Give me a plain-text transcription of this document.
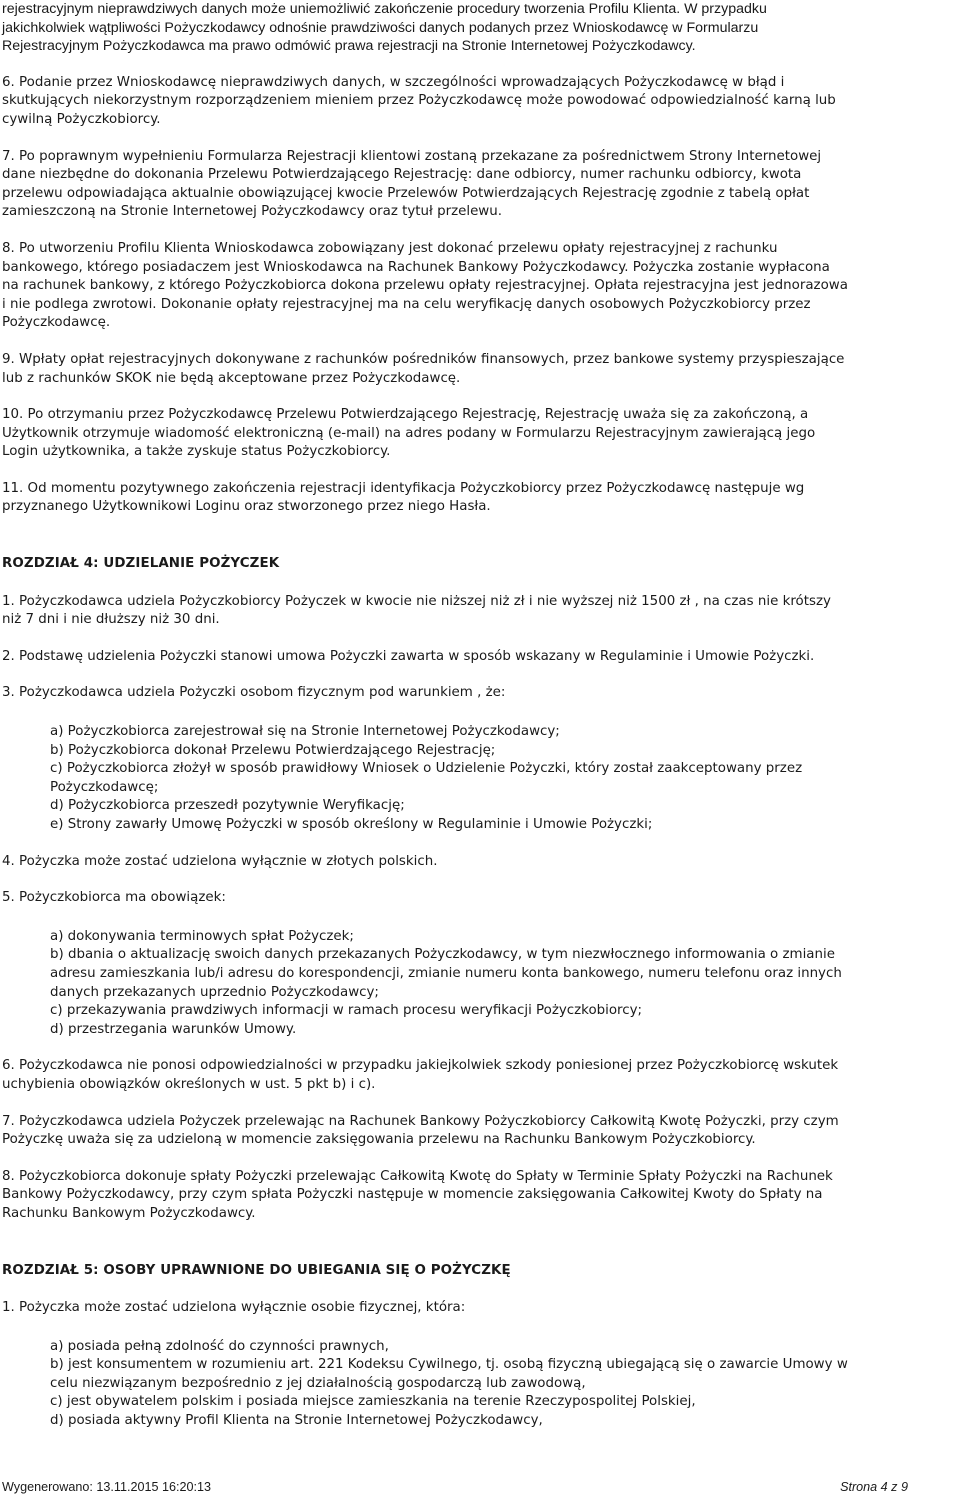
rejestracyjnym nieprawdziwych danych może uniemożliwić zakończenie procedury tworzenia Profilu Klienta. W przypadku

jakichkolwiek wątpliwości Pożyczkodawcy odnośnie prawdziwości danych podanych przez Wnioskodawcę w Formularzu

Rejestracyjnym Pożyczkodawca ma prawo odmówić prawa rejestracji na Stronie Internetowej Pożyczkodawcy.

6. Podanie przez Wnioskodawcę nieprawdziwych danych, w szczególności wprowadzających Pożyczkodawcę w błąd i

skutkujących niekorzystnym rozporządzeniem mieniem przez Pożyczkodawcę może powodować odpowiedzialność karną lub

cywilną Pożyczkobiorcy.

7. Po poprawnym wypełnieniu Formularza Rejestracji klientowi zostaną przekazane za pośrednictwem Strony Internetowej

dane niezbędne do dokonania Przelewu Potwierdzającego Rejestrację: dane odbiorcy, numer rachunku odbiorcy, kwota

przelewu odpowiadająca aktualnie obowiązującej kwocie Przelewów Potwierdzających Rejestrację zgodnie z tabelą opłat

zamieszczoną na Stronie Internetowej Pożyczkodawcy oraz tytuł przelewu.

8. Po utworzeniu Profilu Klienta Wnioskodawca zobowiązany jest dokonać przelewu opłaty rejestracyjnej z rachunku

bankowego, którego posiadaczem jest Wnioskodawca na Rachunek Bankowy Pożyczkodawcy. Pożyczka zostanie wypłacona

na rachunek bankowy, z którego Pożyczkobiorca dokona przelewu opłaty rejestracyjnej. Opłata rejestracyjna jest jednorazowa

i nie podlega zwrotowi. Dokonanie opłaty rejestracyjnej ma na celu weryfikację danych osobowych Pożyczkobiorcy przez

Pożyczkodawcę.

9. Wpłaty opłat rejestracyjnych dokonywane z rachunków pośredników finansowych, przez bankowe systemy przyspieszające

lub z rachunków SKOK nie będą akceptowane przez Pożyczkodawcę.

10. Po otrzymaniu przez Pożyczkodawcę Przelewu Potwierdzającego Rejestrację, Rejestrację uważa się za zakończoną, a

Użytkownik otrzymuje wiadomość elektroniczną (e-mail) na adres podany w Formularzu Rejestracyjnym zawierającą jego

Login użytkownika, a także zyskuje status Pożyczkobiorcy.

11. Od momentu pozytywnego zakończenia rejestracji identyfikacja Pożyczkobiorcy przez Pożyczkodawcę następuje wg

przyznanego Użytkownikowi Loginu oraz stworzonego przez niego Hasła.

ROZDZIAŁ 4: UDZIELANIE POŻYCZEK

1. Pożyczkodawca udziela Pożyczkobiorcy Pożyczek w kwocie nie niższej niż zł i nie wyższej niż 1500 zł , na czas nie krótszy

niż 7 dni i nie dłuższy niż 30 dni.

2. Podstawę udzielenia Pożyczki stanowi umowa Pożyczki zawarta w sposób wskazany w Regulaminie i Umowie Pożyczki.

3. Pożyczkodawca udziela Pożyczki osobom fizycznym pod warunkiem , że:

a) Pożyczkobiorca zarejestrował się na Stronie Internetowej Pożyczkodawcy;

b) Pożyczkobiorca dokonał Przelewu Potwierdzającego Rejestrację;

c) Pożyczkobiorca złożył w sposób prawidłowy Wniosek o Udzielenie Pożyczki, który został zaakceptowany przez

Pożyczkodawcę;

d) Pożyczkobiorca przeszedł pozytywnie Weryfikację;

e) Strony zawarły Umowę Pożyczki w sposób określony w Regulaminie i Umowie Pożyczki;

4. Pożyczka może zostać udzielona wyłącznie w złotych polskich.

5. Pożyczkobiorca ma obowiązek:

a) dokonywania terminowych spłat Pożyczek;

b) dbania o aktualizację swoich danych przekazanych Pożyczkodawcy, w tym niezwłocznego informowania o zmianie

adresu zamieszkania lub/i adresu do korespondencji, zmianie numeru konta bankowego, numeru telefonu oraz innych

danych przekazanych uprzednio Pożyczkodawcy;

c) przekazywania prawdziwych informacji w ramach procesu weryfikacji Pożyczkobiorcy;

d) przestrzegania warunków Umowy.

6. Pożyczkodawca nie ponosi odpowiedzialności w przypadku jakiejkolwiek szkody poniesionej przez Pożyczkobiorcę wskutek

uchybienia obowiązków określonych w ust. 5 pkt b) i c).

7. Pożyczkodawca udziela Pożyczek przelewając na Rachunek Bankowy Pożyczkobiorcy Całkowitą Kwotę Pożyczki, przy czym

Pożyczkę uważa się za udzieloną w momencie zaksięgowania przelewu na Rachunku Bankowym Pożyczkobiorcy.

8. Pożyczkobiorca dokonuje spłaty Pożyczki przelewając Całkowitą Kwotę do Spłaty w Terminie Spłaty Pożyczki na Rachunek

Bankowy Pożyczkodawcy, przy czym spłata Pożyczki następuje w momencie zaksięgowania Całkowitej Kwoty do Spłaty na

Rachunku Bankowym Pożyczkodawcy.

ROZDZIAŁ 5: OSOBY UPRAWNIONE DO UBIEGANIA SIĘ O POŻYCZKĘ

1. Pożyczka może zostać udzielona wyłącznie osobie fizycznej, która:

a) posiada pełną zdolność do czynności prawnych,

b) jest konsumentem w rozumieniu art. 221 Kodeksu Cywilnego, tj. osobą fizyczną ubiegającą się o zawarcie Umowy w

celu niezwiązanym bezpośrednio z jej działalnością gospodarczą lub zawodową,

c) jest obywatelem polskim i posiada miejsce zamieszkania na terenie Rzeczypospolitej Polskiej,

d) posiada aktywny Profil Klienta na Stronie Internetowej Pożyczkodawcy,

Wygenerowano: 13.11.2015 16:20:13	Strona 4 z 9
